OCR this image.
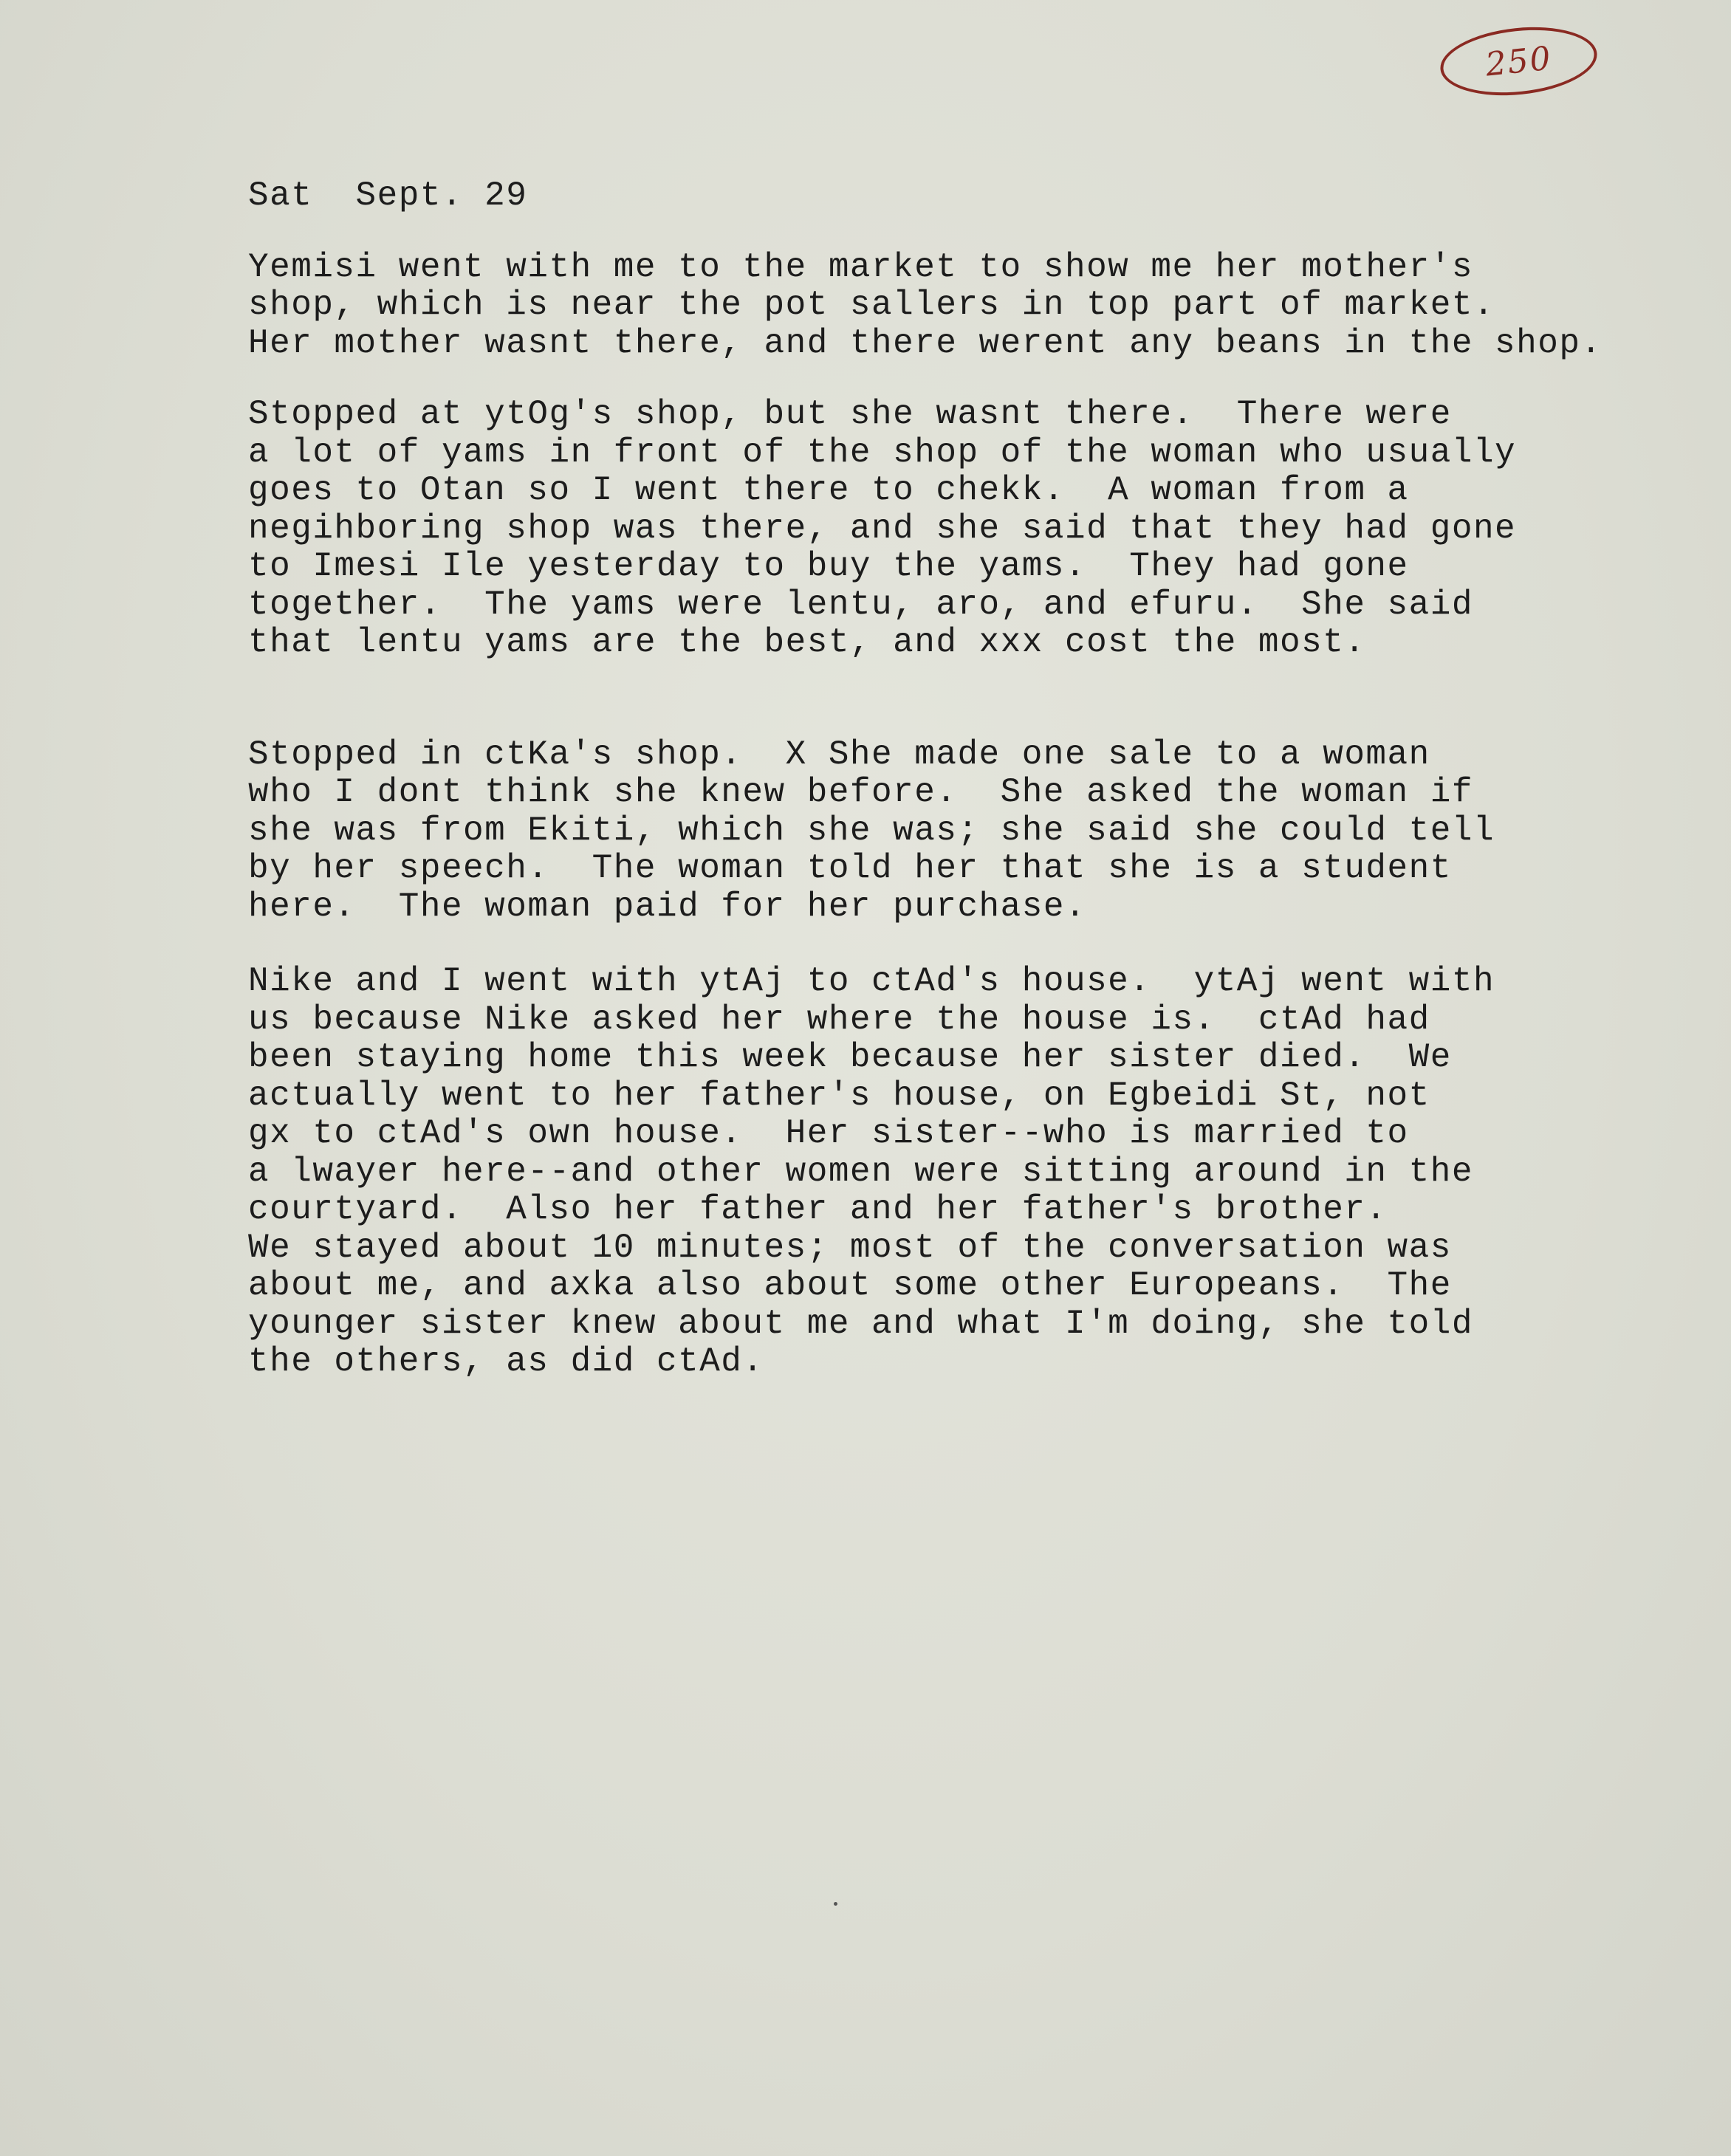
250
Sat  Sept. 29
Yemisi went with me to the market to show me her mother's
shop, which is near the pot sallers in top part of market.
Her mother wasnt there, and there werent any beans in the shop.
Stopped at ytOg's shop, but she wasnt there.  There were
a lot of yams in front of the shop of the woman who usually
goes to Otan so I went there to chekk.  A woman from a
negihboring shop was there, and she said that they had gone
to Imesi Ile yesterday to buy the yams.  They had gone
together.  The yams were lentu, aro, and efuru.  She said
that lentu yams are the best, and xxx cost the most.
Stopped in ctKa's shop.  X She made one sale to a woman
who I dont think she knew before.  She asked the woman if
she was from Ekiti, which she was; she said she could tell
by her speech.  The woman told her that she is a student
here.  The woman paid for her purchase.
Nike and I went with ytAj to ctAd's house.  ytAj went with
us because Nike asked her where the house is.  ctAd had
been staying home this week because her sister died.  We
actually went to her father's house, on Egbeidi St, not
gx to ctAd's own house.  Her sister--who is married to
a lwayer here--and other women were sitting around in the
courtyard.  Also her father and her father's brother.
We stayed about 10 minutes; most of the conversation was
about me, and axka also about some other Europeans.  The
younger sister knew about me and what I'm doing, she told
the others, as did ctAd.
